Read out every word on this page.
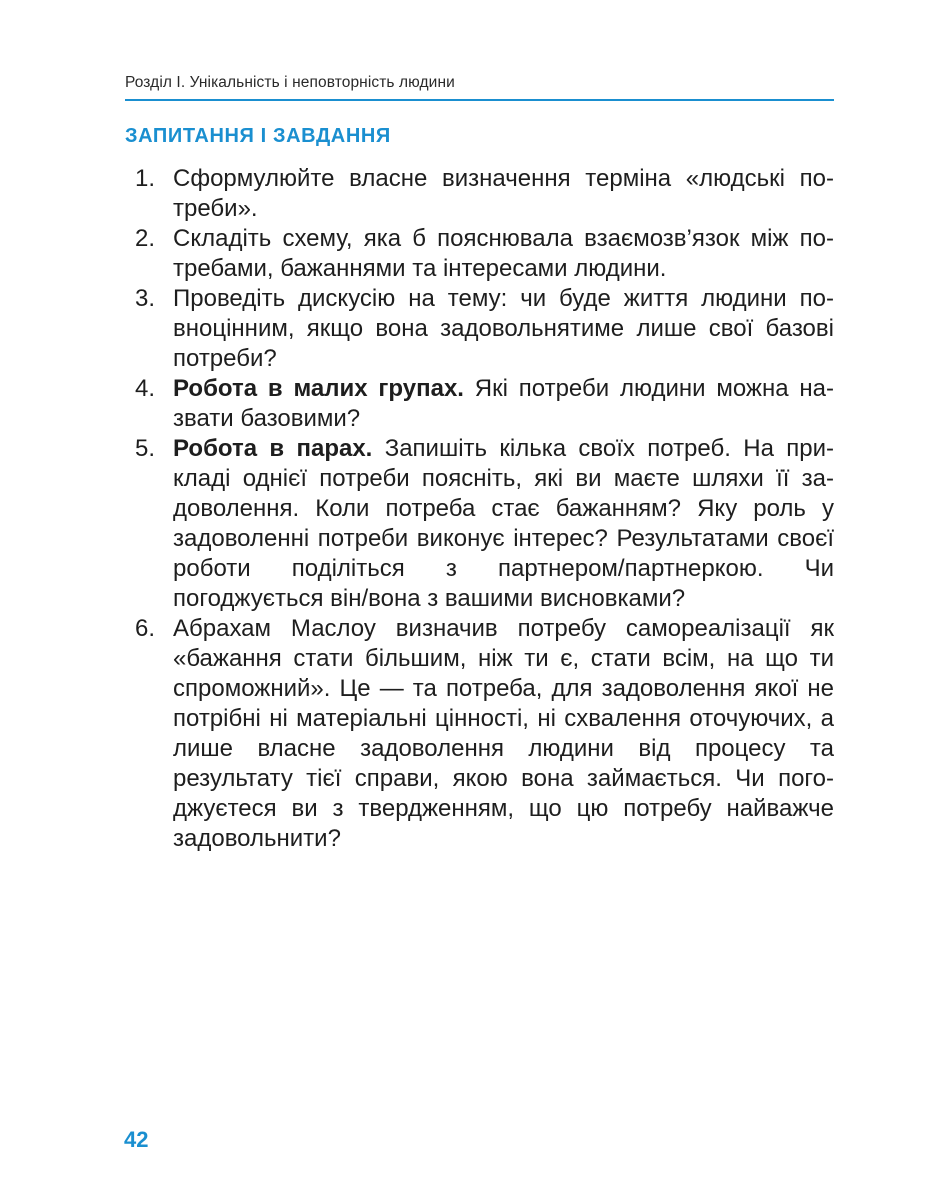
Розділ І. Унікальність і неповторність людини
ЗАПИТАННЯ І ЗАВДАННЯ
1. Сформулюйте власне визначення терміна «людські потреби».
2. Складіть схему, яка б пояснювала взаємозв’язок між потребами, бажаннями та інтересами людини.
3. Проведіть дискусію на тему: чи буде життя людини повноцінним, якщо вона задовольнятиме лише свої базові потреби?
4. Робота в малих групах. Які потреби людини можна назвати базовими?
5. Робота в парах. Запишіть кілька своїх потреб. На прикладі однієї потреби поясніть, які ви маєте шляхи її задоволення. Коли потреба стає бажанням? Яку роль у задоволенні потреби виконує інтерес? Результатами своєї роботи поділіться з партнером/партнеркою. Чи погоджується він/вона з вашими висновками?
6. Абрахам Маслоу визначив потребу самореалізації як «бажання стати більшим, ніж ти є, стати всім, на що ти спроможний». Це — та потреба, для задоволення якої не потрібні ні матеріальні цінності, ні схвалення оточуючих, а лише власне задоволення людини від процесу та результату тієї справи, якою вона займається. Чи погоджуєтеся ви з твердженням, що цю потребу найважче задовольнити?
42
